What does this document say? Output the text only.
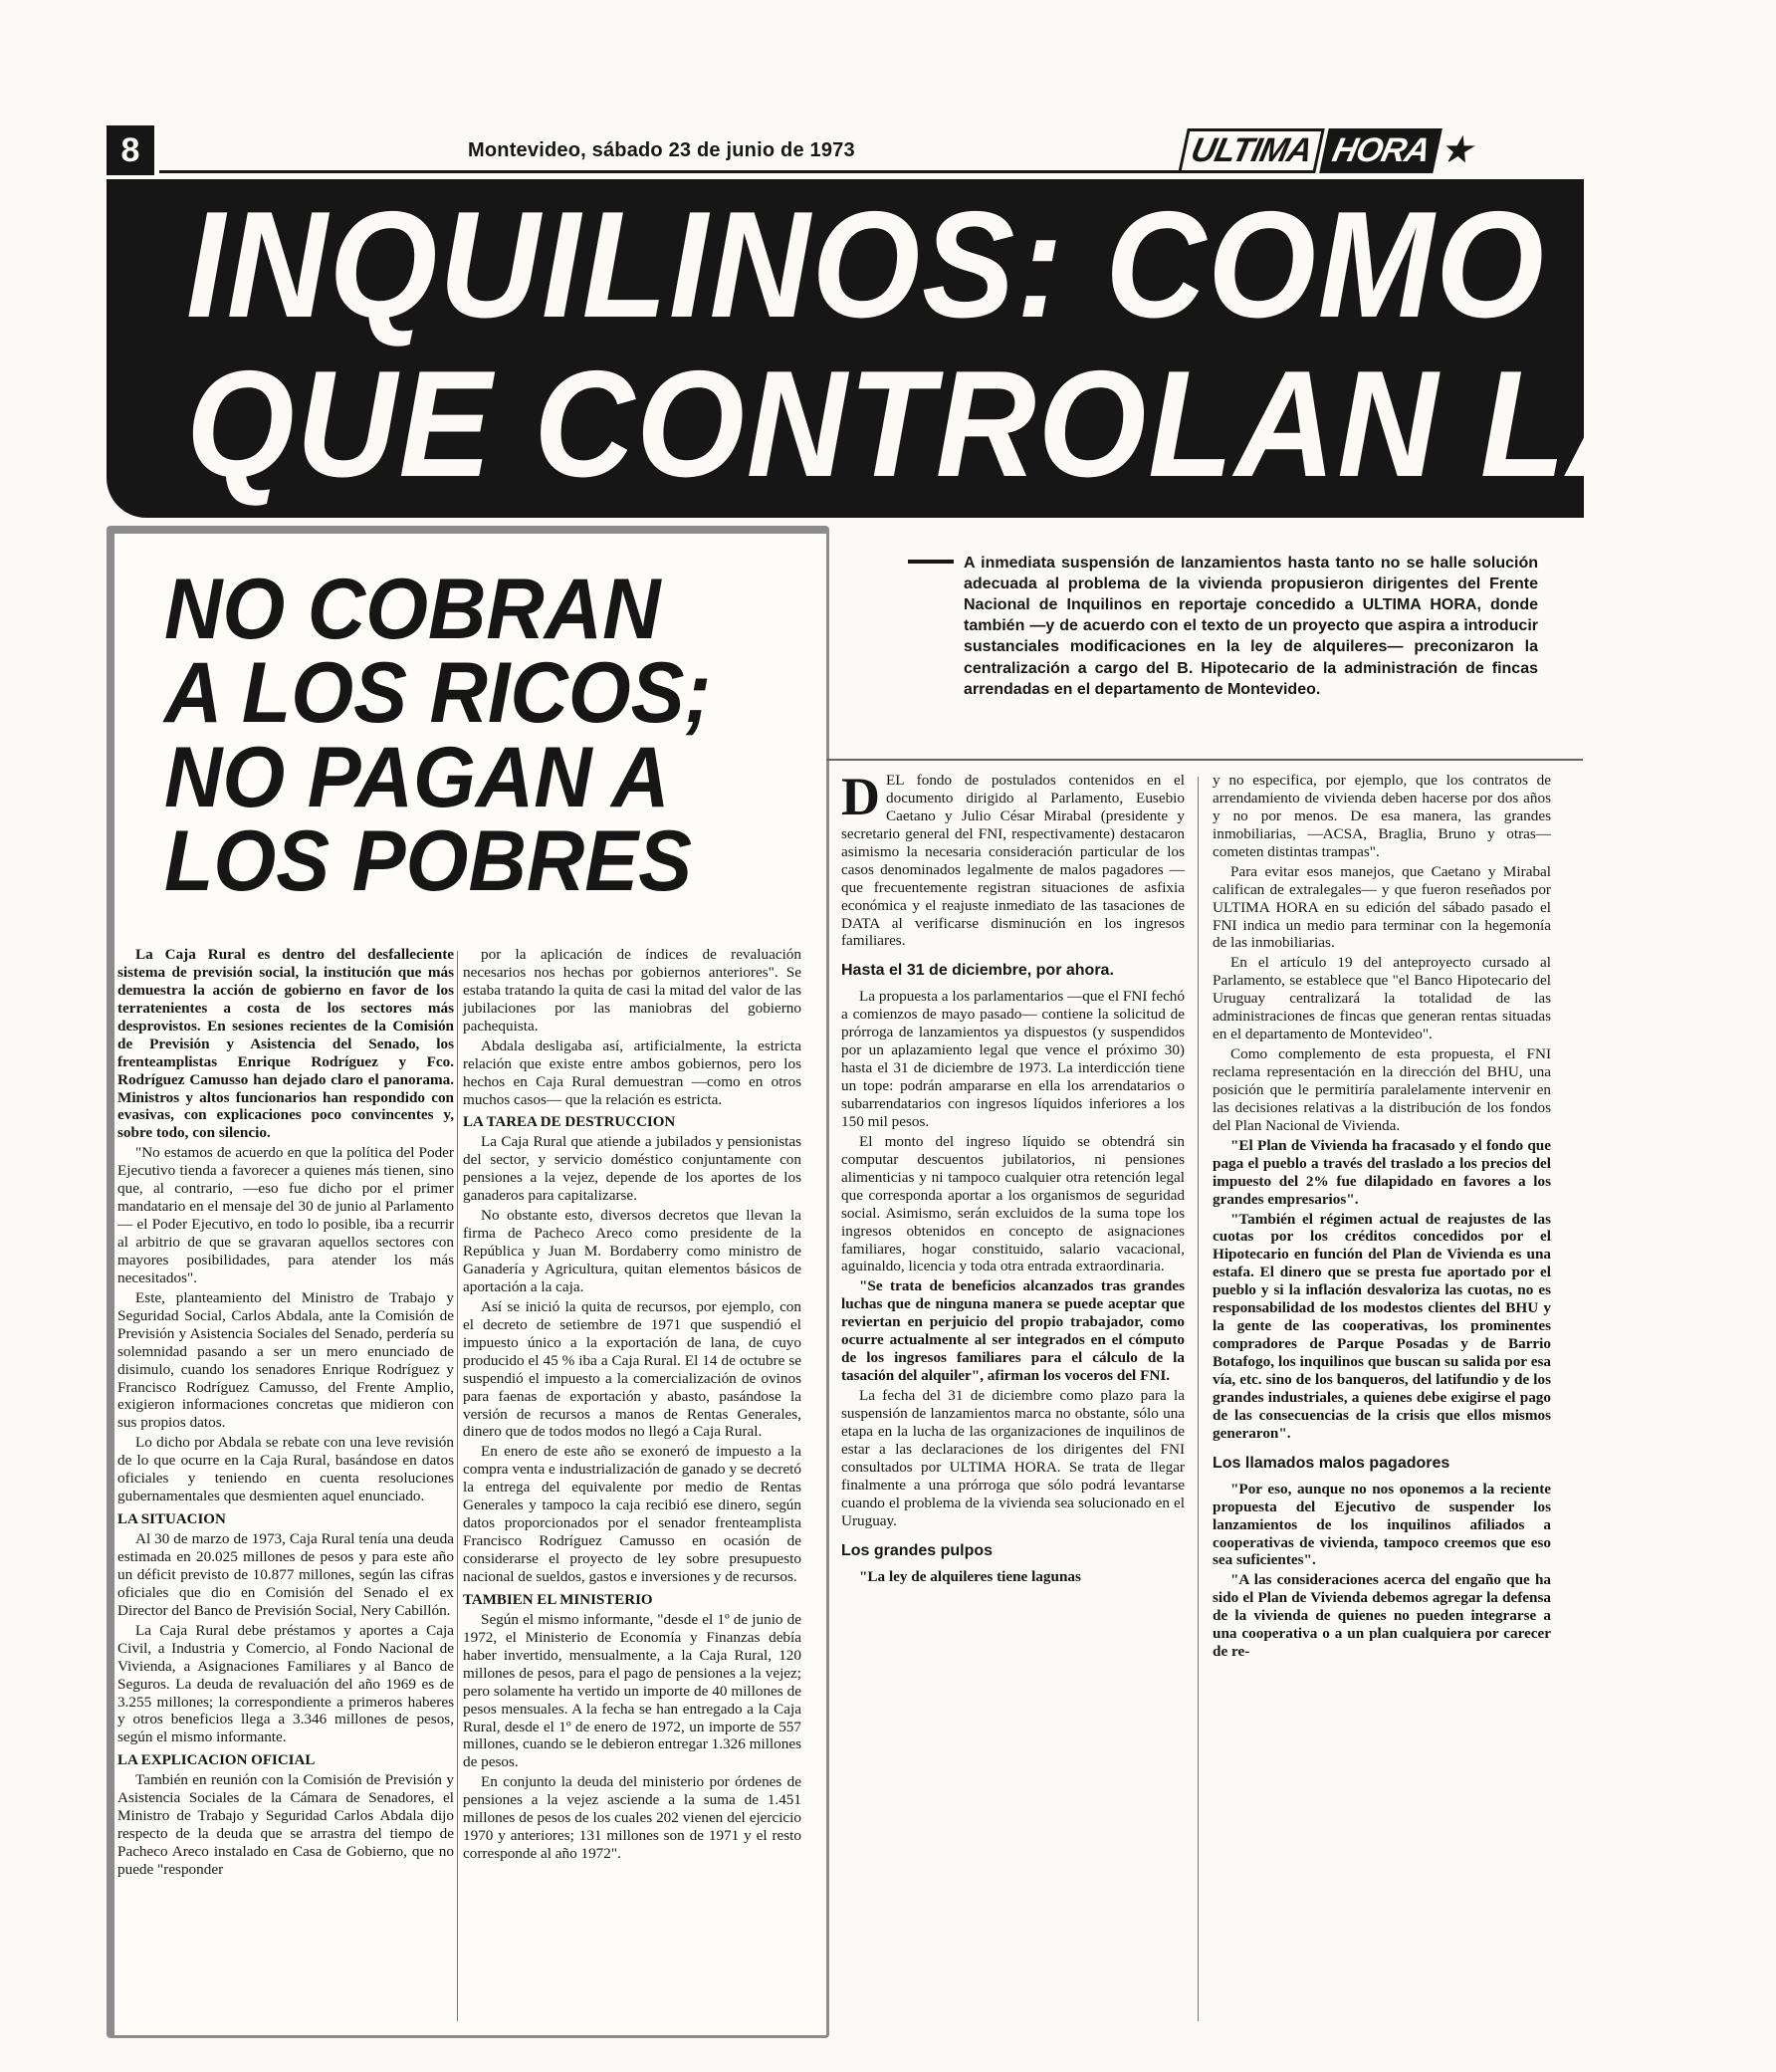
8	Montevideo, sábado 23 de junio de 1973	ULTIMA HORA ★
INQUILINOS: COMO SE
QUE CONTROLAN LAS
NO COBRAN
A LOS RICOS;
NO PAGAN A
LOS POBRES

La Caja Rural es dentro del desfalleciente sistema de previsión social, la institución que más demuestra la acción de gobierno en favor de los terratenientes a costa de los sectores más desprovistos. En sesiones recientes de la Comisión de Previsión y Asistencia del Senado, los frenteamplistas Enrique Rodríguez y Fco. Rodríguez Camusso han dejado claro el panorama. Ministros y altos funcionarios han respondido con evasivas, con explicaciones poco convincentes y, sobre todo, con silencio.

"No estamos de acuerdo en que la política del Poder Ejecutivo tienda a favorecer a quienes más tienen, sino que, al contrario, —eso fue dicho por el primer mandatario en el mensaje del 30 de junio al Parlamento— el Poder Ejecutivo, en todo lo posible, iba a recurrir al arbitrio de que se gravaran aquellos sectores con mayores posibilidades, para atender los más necesitados".

Este, planteamiento del Ministro de Trabajo y Seguridad Social, Carlos Abdala, ante la Comisión de Previsión y Asistencia Sociales del Senado, perdería su solemnidad pasando a ser un mero enunciado de disimulo, cuando los senadores Enrique Rodríguez y Francisco Rodríguez Camusso, del Frente Amplio, exigieron informaciones concretas que midieron con sus propios datos.

Lo dicho por Abdala se rebate con una leve revisión de lo que ocurre en la Caja Rural, basándose en datos oficiales y teniendo en cuenta resoluciones gubernamentales que desmienten aquel enunciado.

LA SITUACION

Al 30 de marzo de 1973, Caja Rural tenía una deuda estimada en 20.025 millones de pesos y para este año un déficit previsto de 10.877 millones, según las cifras oficiales que dio en Comisión del Senado el ex Director del Banco de Previsión Social, Nery Cabillón.

La Caja Rural debe préstamos y aportes a Caja Civil, a Industria y Comercio, al Fondo Nacional de Vivienda, a Asignaciones Familiares y al Banco de Seguros. La deuda de revaluación del año 1969 es de 3.255 millones; la correspondiente a primeros haberes y otros beneficios llega a 3.346 millones de pesos, según el mismo informante.

LA EXPLICACION OFICIAL

También en reunión con la Comisión de Previsión y Asistencia Sociales de la Cámara de Senadores, el Ministro de Trabajo y Seguridad Carlos Abdala dijo respecto de la deuda que se arrastra del tiempo de Pacheco Areco instalado en Casa de Gobierno, que no puede "responder

por la aplicación de índices de revaluación necesarios nos hechas por gobiernos anteriores". Se estaba tratando la quita de casi la mitad del valor de las jubilaciones por las maniobras del gobierno pachequista.

Abdala desligaba así, artificialmente, la estricta relación que existe entre ambos gobiernos, pero los hechos en Caja Rural demuestran —como en otros muchos casos— que la relación es estricta.

LA TAREA DE DESTRUCCION

La Caja Rural que atiende a jubilados y pensionistas del sector, y servicio doméstico conjuntamente con pensiones a la vejez, depende de los aportes de los ganaderos para capitalizarse.

No obstante esto, diversos decretos que llevan la firma de Pacheco Areco como presidente de la República y Juan M. Bordaberry como ministro de Ganadería y Agricultura, quitan elementos básicos de aportación a la caja.

Así se inició la quita de recursos, por ejemplo, con el decreto de setiembre de 1971 que suspendió el impuesto único a la exportación de lana, de cuyo producido el 45 % iba a Caja Rural. El 14 de octubre se suspendió el impuesto a la comercialización de ovinos para faenas de exportación y abasto, pasándose la versión de recursos a manos de Rentas Generales, dinero que de todos modos no llegó a Caja Rural.

En enero de este año se exoneró de impuesto a la compra venta e industrialización de ganado y se decretó la entrega del equivalente por medio de Rentas Generales y tampoco la caja recibió ese dinero, según datos proporcionados por el senador frenteamplista Francisco Rodríguez Camusso en ocasión de considerarse el proyecto de ley sobre presupuesto nacional de sueldos, gastos e inversiones y de recursos.

TAMBIEN EL MINISTERIO

Según el mismo informante, "desde el 1º de junio de 1972, el Ministerio de Economía y Finanzas debía haber invertido, mensualmente, a la Caja Rural, 120 millones de pesos, para el pago de pensiones a la vejez; pero solamente ha vertido un importe de 40 millones de pesos mensuales. A la fecha se han entregado a la Caja Rural, desde el 1º de enero de 1972, un importe de 557 millones, cuando se le debieron entregar 1.326 millones de pesos.

En conjunto la deuda del ministerio por órdenes de pensiones a la vejez asciende a la suma de 1.451 millones de pesos de los cuales 202 vienen del ejercicio 1970 y anteriores; 131 millones son de 1971 y el resto corresponde al año 1972".

A inmediata suspensión de lanzamientos hasta tanto no se halle solución adecuada al problema de la vivienda propusieron dirigentes del Frente Nacional de Inquilinos en reportaje concedido a ULTIMA HORA, donde también —y de acuerdo con el texto de un proyecto que aspira a introducir sustanciales modificaciones en la ley de alquileres— preconizaron la centralización a cargo del B. Hipotecario de la administración de fincas arrendadas en el departamento de Montevideo.

DEL fondo de postulados contenidos en el documento dirigido al Parlamento, Eusebio Caetano y Julio César Mirabal (presidente y secretario general del FNI, respectivamente) destacaron asimismo la necesaria consideración particular de los casos denominados legalmente de malos pagadores —que frecuentemente registran situaciones de asfixia económica y el reajuste inmediato de las tasaciones de DATA al verificarse disminución en los ingresos familiares.

Hasta el 31 de diciembre, por ahora.

La propuesta a los parlamentarios —que el FNI fechó a comienzos de mayo pasado— contiene la solicitud de prórroga de lanzamientos ya dispuestos (y suspendidos por un aplazamiento legal que vence el próximo 30) hasta el 31 de diciembre de 1973. La interdicción tiene un tope: podrán ampararse en ella los arrendatarios o subarrendatarios con ingresos líquidos inferiores a los 150 mil pesos.

El monto del ingreso líquido se obtendrá sin computar descuentos jubilatorios, ni pensiones alimenticias y ni tampoco cualquier otra retención legal que corresponda aportar a los organismos de seguridad social. Asimismo, serán excluidos de la suma tope los ingresos obtenidos en concepto de asignaciones familiares, hogar constituido, salario vacacional, aguinaldo, licencia y toda otra entrada extraordinaria.

"Se trata de beneficios alcanzados tras grandes luchas que de ninguna manera se puede aceptar que reviertan en perjuicio del propio trabajador, como ocurre actualmente al ser integrados en el cómputo de los ingresos familiares para el cálculo de la tasación del alquiler", afirman los voceros del FNI.

La fecha del 31 de diciembre como plazo para la suspensión de lanzamientos marca no obstante, sólo una etapa en la lucha de las organizaciones de inquilinos de estar a las declaraciones de los dirigentes del FNI consultados por ULTIMA HORA. Se trata de llegar finalmente a una prórroga que sólo podrá levantarse cuando el problema de la vivienda sea solucionado en el Uruguay.

Los grandes pulpos

"La ley de alquileres tiene lagunas

y no especifica, por ejemplo, que los contratos de arrendamiento de vivienda deben hacerse por dos años y no por menos. De esa manera, las grandes inmobiliarias, —ACSA, Braglia, Bruno y otras— cometen distintas trampas".

Para evitar esos manejos, que Caetano y Mirabal califican de extralegales— y que fueron reseñados por ULTIMA HORA en su edición del sábado pasado el FNI indica un medio para terminar con la hegemonía de las inmobiliarias.

En el artículo 19 del anteproyecto cursado al Parlamento, se establece que "el Banco Hipotecario del Uruguay centralizará la totalidad de las administraciones de fincas que generan rentas situadas en el departamento de Montevideo".

Como complemento de esta propuesta, el FNI reclama representación en la dirección del BHU, una posición que le permitiría paralelamente intervenir en las decisiones relativas a la distribución de los fondos del Plan Nacional de Vivienda.

"El Plan de Vivienda ha fracasado y el fondo que paga el pueblo a través del traslado a los precios del impuesto del 2% fue dilapidado en favores a los grandes empresarios".

"También el régimen actual de reajustes de las cuotas por los créditos concedidos por el Hipotecario en función del Plan de Vivienda es una estafa. El dinero que se presta fue aportado por el pueblo y si la inflación desvaloriza las cuotas, no es responsabilidad de los modestos clientes del BHU y la gente de las cooperativas, los prominentes compradores de Parque Posadas y de Barrio Botafogo, los inquilinos que buscan su salida por esa vía, etc. sino de los banqueros, del latifundio y de los grandes industriales, a quienes debe exigirse el pago de las consecuencias de la crisis que ellos mismos generaron".

Los llamados malos pagadores

"Por eso, aunque no nos oponemos a la reciente propuesta del Ejecutivo de suspender los lanzamientos de los inquilinos afiliados a cooperativas de vivienda, tampoco creemos que eso sea suficientes".

"A las consideraciones acerca del engaño que ha sido el Plan de Vivienda debemos agregar la defensa de la vivienda de quienes no pueden integrarse a una cooperativa o a un plan cualquiera por carecer de re-
